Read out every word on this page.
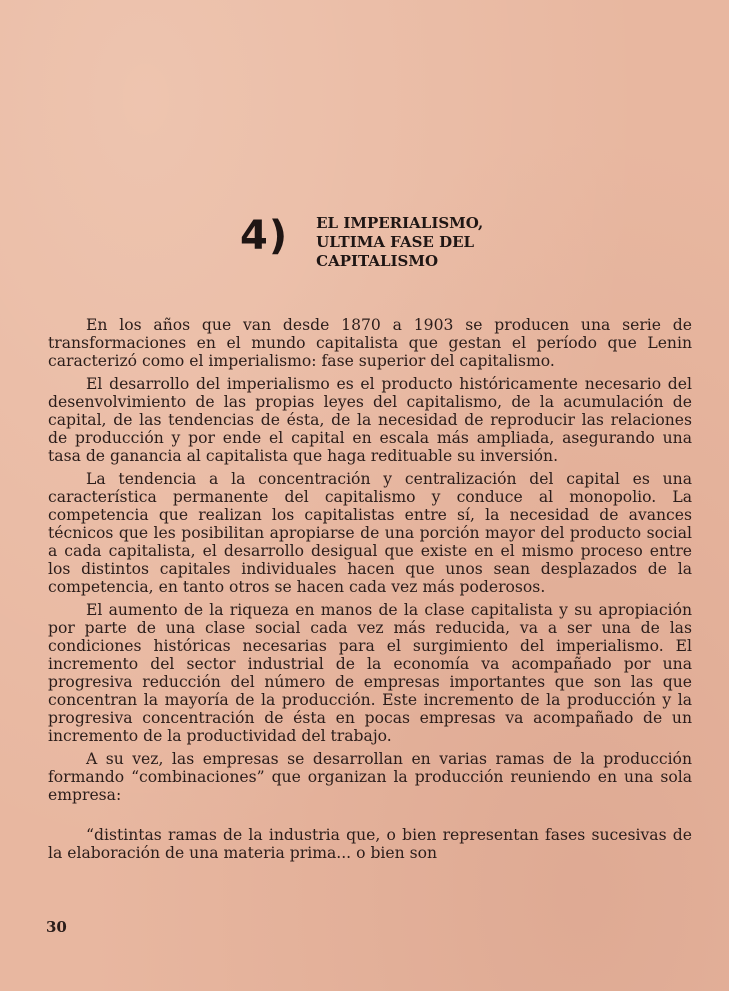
4) EL IMPERIALISMO,
ULTIMA FASE DEL
CAPITALISMO

En los años que van desde 1870 a 1903 se producen una serie de transformaciones en el mundo capitalista que gestan el período que Lenin caracterizó como el imperialismo: fase superior del capitalismo.

El desarrollo del imperialismo es el producto históricamente necesario del desenvolvimiento de las propias leyes del capitalismo, de la acumulación de capital, de las tendencias de ésta, de la necesidad de reproducir las relaciones de producción y por ende el capital en escala más ampliada, asegurando una tasa de ganancia al capitalista que haga redituable su inversión.

La tendencia a la concentración y centralización del capital es una característica permanente del capitalismo y conduce al monopolio. La competencia que realizan los capitalistas entre sí, la necesidad de avances técnicos que les posibilitan apropiarse de una porción mayor del producto social a cada capitalista, el desarrollo desigual que existe en el mismo proceso entre los distintos capitales individuales hacen que unos sean desplazados de la competencia, en tanto otros se hacen cada vez más poderosos.

El aumento de la riqueza en manos de la clase capitalista y su apropiación por parte de una clase social cada vez más reducida, va a ser una de las condiciones históricas necesarias para el surgimiento del imperialismo. El incremento del sector industrial de la economía va acompañado por una progresiva reducción del número de empresas importantes que son las que concentran la mayoría de la producción. Este incremento de la producción y la progresiva concentración de ésta en pocas empresas va acompañado de un incremento de la productividad del trabajo.

A su vez, las empresas se desarrollan en varias ramas de la producción formando “combinaciones” que organizan la producción reuniendo en una sola empresa:

“distintas ramas de la industria que, o bien representan fases sucesivas de la elaboración de una materia prima... o bien son

30
